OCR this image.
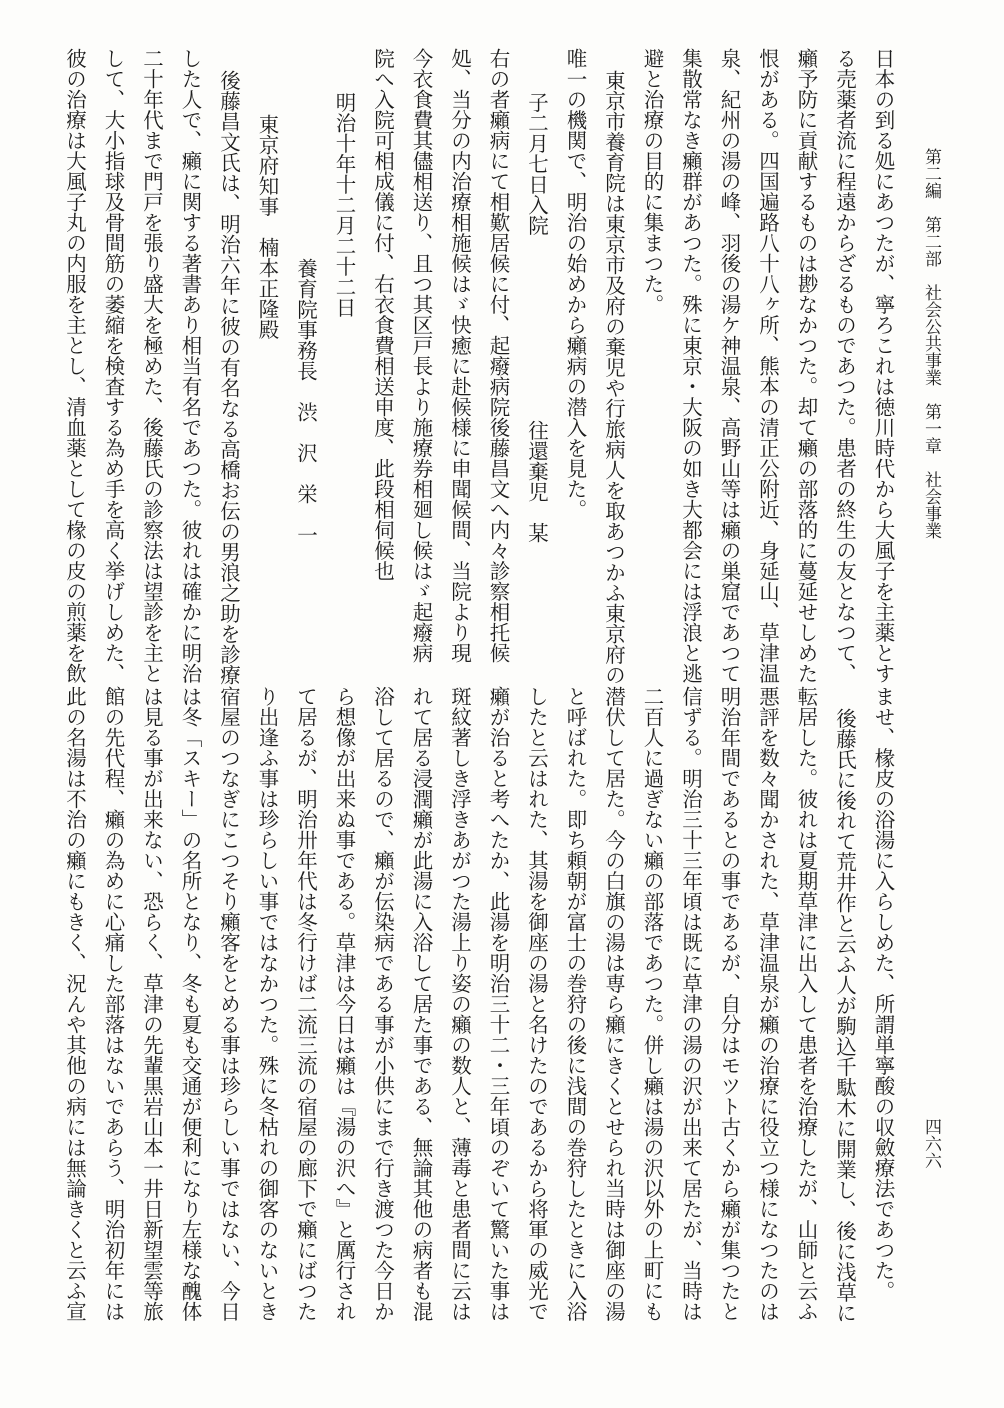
第二編　第二部　社会公共事業　第一章　社会事業
四六六
日本の到る処にあつたが、寧ろこれは徳川時代から大風子を主薬とす
る売薬者流に程遠からざるものであつた。患者の終生の友となつて、
癩予防に貢献するものは尠なかつた。却て癩の部落的に蔓延せしめた
恨がある。四国遍路八十八ヶ所、熊本の清正公附近、身延山、草津温
泉、紀州の湯の峰、羽後の湯ケ神温泉、高野山等は癩の巣窟であつて
集散常なき癩群があつた。殊に東京・大阪の如き大都会には浮浪と逃
避と治療の目的に集まつた。
東京市養育院は東京市及府の棄児や行旅病人を取あつかふ東京府の
唯一の機関で、明治の始めから癩病の潜入を見た。
子二月七日入院　　　　　　　　　往還棄児　某
右の者癩病にて相歎居候に付、起癈病院後藤昌文へ内々診察相托候
処、当分の内治療相施候はゞ快癒に赴候様に申聞候間、当院より現
今衣食費其儘相送り、且つ其区戸長より施療券相廻し候はゞ起癈病
院へ入院可相成儀に付、右衣食費相送申度、此段相伺候也
明治十年十二月二十二日
養育院事務長　渋　沢　栄　一
東京府知事　楠本正隆殿
後藤昌文氏は、明治六年に彼の有名なる高橋お伝の男浪之助を診療
した人で、癩に関する著書あり相当有名であつた。彼れは確かに明治
二十年代まで門戸を張り盛大を極めた、後藤氏の診察法は望診を主と
して、大小指球及骨間筋の萎縮を検査する為め手を高く挙げしめた、
彼の治療は大風子丸の内服を主とし、清血薬として椽の皮の煎薬を飲
ませ、椽皮の浴湯に入らしめた、所謂単寧酸の収斂療法であつた。
後藤氏に後れて荒井作と云ふ人が駒込千駄木に開業し、後に浅草に
転居した。彼れは夏期草津に出入して患者を治療したが、山師と云ふ
悪評を数々聞かされた、草津温泉が癩の治療に役立つ様になつたのは
明治年間であるとの事であるが、自分はモツト古くから癩が集つたと
信ずる。明治三十三年頃は既に草津の湯の沢が出来て居たが、当時は
二百人に過ぎない癩の部落であつた。併し癩は湯の沢以外の上町にも
潜伏して居た。今の白旗の湯は専ら癩にきくとせられ当時は御座の湯
と呼ばれた。即ち頼朝が富士の巻狩の後に浅間の巻狩したときに入浴
したと云はれた、其湯を御座の湯と名けたのであるから将軍の威光で
癩が治ると考へたか、此湯を明治三十二・三年頃のぞいて驚いた事は
斑紋著しき浮きあがつた湯上り姿の癩の数人と、薄毒と患者間に云は
れて居る浸潤癩が此湯に入浴して居た事である、無論其他の病者も混
浴して居るので、癩が伝染病である事が小供にまで行き渡つた今日か
ら想像が出来ぬ事である。草津は今日は癩は『湯の沢へ』と厲行され
て居るが、明治卅年代は冬行けば二流三流の宿屋の廊下で癩にばつた
り出逢ふ事は珍らしい事ではなかつた。殊に冬枯れの御客のないとき
宿屋のつなぎにこつそり癩客をとめる事は珍らしい事ではない、今日
は冬「スキー」の名所となり、冬も夏も交通が便利になり左様な醜体
は見る事が出来ない、恐らく、草津の先輩黒岩山本一井日新望雲等旅
館の先代程、癩の為めに心痛した部落はないであらう、明治初年には
此の名湯は不治の癩にもきく、況んや其他の病には無論きくと云ふ宣
